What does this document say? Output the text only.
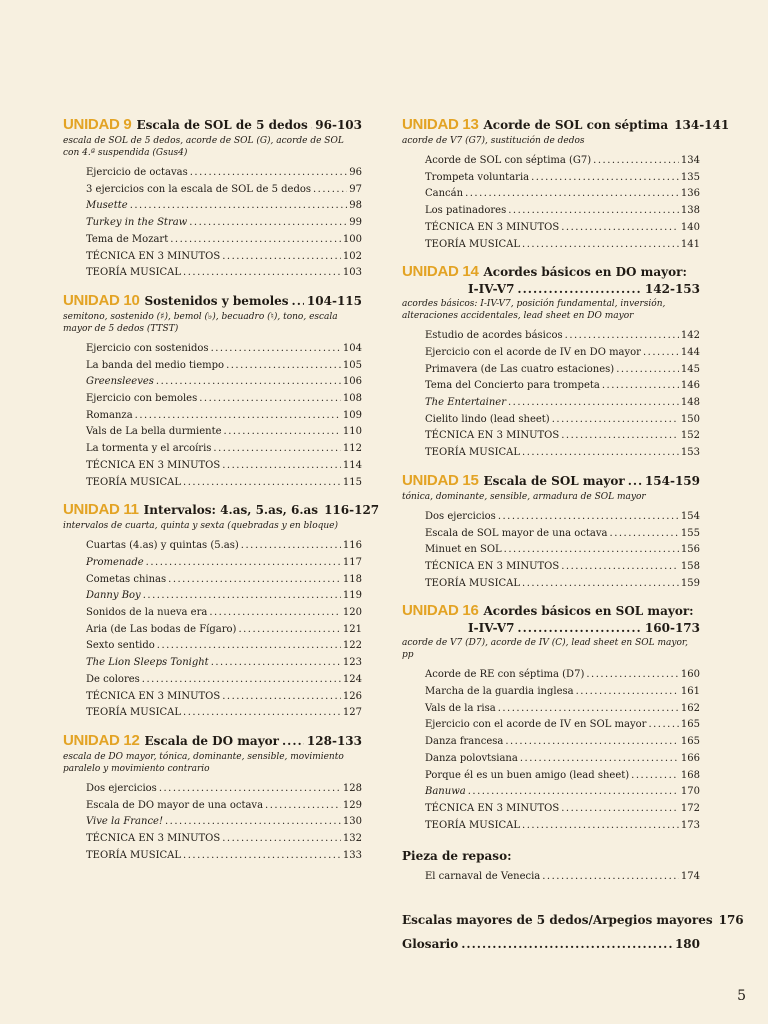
UNIDAD 9 Escala de SOL de 5 dedos ..... 96-103
escala de SOL de 5 dedos, acorde de SOL (G), acorde de SOL con 4.ª suspendida (Gsus4)
Ejercicio de octavas .....	96
3 ejercicios con la escala de SOL de 5 dedos .....	97
Musette .....	98
Turkey in the Straw .....	99
Tema de Mozart .....	100
TÉCNICA EN 3 MINUTOS .....	102
TEORÍA MUSICAL .....	103
UNIDAD 10 Sostenidos y bemoles ..... 104-115
semitono, sostenido (♯), bemol (♭), becuadro (♮), tono, escala mayor de 5 dedos (TTST)
Ejercicio con sostenidos .....	104
La banda del medio tiempo .....	105
Greensleeves .....	106
Ejercicio con bemoles .....	108
Romanza .....	109
Vals de La bella durmiente .....	110
La tormenta y el arcoíris .....	112
TÉCNICA EN 3 MINUTOS .....	114
TEORÍA MUSICAL .....	115
UNIDAD 11 Intervalos: 4.as, 5.as, 6.as 116-127
intervalos de cuarta, quinta y sexta (quebradas y en bloque)
Cuartas (4.as) y quintas (5.as) .....	116
Promenade .....	117
Cometas chinas .....	118
Danny Boy .....	119
Sonidos de la nueva era .....	120
Aria (de Las bodas de Fígaro) .....	121
Sexto sentido .....	122
The Lion Sleeps Tonight .....	123
De colores .....	124
TÉCNICA EN 3 MINUTOS .....	126
TEORÍA MUSICAL .....	127
UNIDAD 12 Escala de DO mayor ..... 128-133
escala de DO mayor, tónica, dominante, sensible, movimiento paralelo y movimiento contrario
Dos ejercicios .....	128
Escala de DO mayor de una octava .....	129
Vive la France! .....	130
TÉCNICA EN 3 MINUTOS .....	132
TEORÍA MUSICAL .....	133
UNIDAD 13 Acorde de SOL con séptima 134-141
acorde de V7 (G7), sustitución de dedos
Acorde de SOL con séptima (G7) .....	134
Trompeta voluntaria .....	135
Cancán .....	136
Los patinadores .....	138
TÉCNICA EN 3 MINUTOS .....	140
TEORÍA MUSICAL .....	141
UNIDAD 14 Acordes básicos en DO mayor:
I-IV-V7 .....	142-153
acordes básicos: I-IV-V7, posición fundamental, inversión, alteraciones accidentales, lead sheet en DO mayor
Estudio de acordes básicos .....	142
Ejercicio con el acorde de IV en DO mayor .....	144
Primavera (de Las cuatro estaciones) .....	145
Tema del Concierto para trompeta .....	146
The Entertainer .....	148
Cielito lindo (lead sheet) .....	150
TÉCNICA EN 3 MINUTOS .....	152
TEORÍA MUSICAL .....	153
UNIDAD 15 Escala de SOL mayor ..... 154-159
tónica, dominante, sensible, armadura de SOL mayor
Dos ejercicios .....	154
Escala de SOL mayor de una octava .....	155
Minuet en SOL .....	156
TÉCNICA EN 3 MINUTOS .....	158
TEORÍA MUSICAL .....	159
UNIDAD 16 Acordes básicos en SOL mayor:
I-IV-V7 .....	160-173
acorde de V7 (D7), acorde de IV (C), lead sheet en SOL mayor, pp
Acorde de RE con séptima (D7) .....	160
Marcha de la guardia inglesa .....	161
Vals de la risa .....	162
Ejercicio con el acorde de IV en SOL mayor .....	165
Danza francesa .....	165
Danza polovtsiana .....	166
Porque él es un buen amigo (lead sheet) .....	168
Banuwa .....	170
TÉCNICA EN 3 MINUTOS .....	172
TEORÍA MUSICAL .....	173
Pieza de repaso:
El carnaval de Venecia .....	174
Escalas mayores de 5 dedos/Arpegios mayores 176
Glosario .....	180
5
